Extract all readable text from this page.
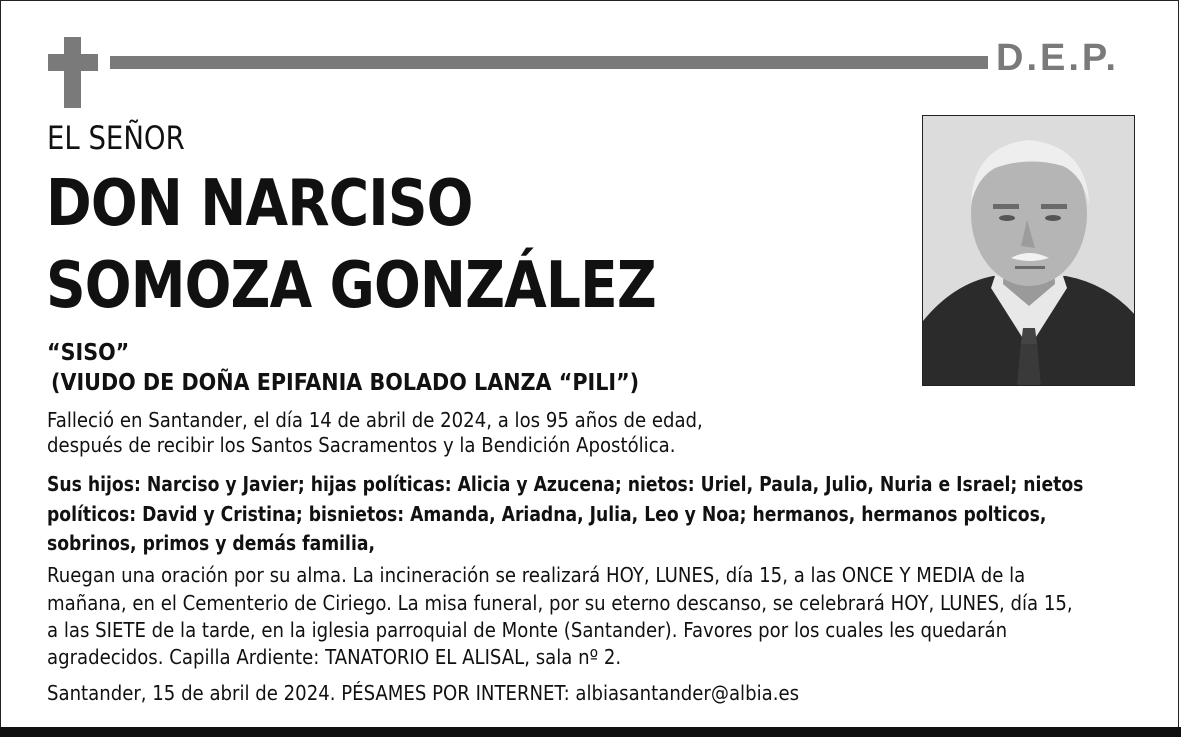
D.E.P.
EL SEÑOR
DON NARCISO
SOMOZA GONZÁLEZ
“SISO”
(VIUDO DE DOÑA EPIFANIA BOLADO LANZA “PILI”)
Falleció en Santander, el día 14 de abril de 2024, a los 95 años de edad,
después de recibir los Santos Sacramentos y la Bendición Apostólica.
Sus hijos: Narciso y Javier; hijas políticas: Alicia y Azucena; nietos: Uriel, Paula, Julio, Nuria e Israel; nietos
políticos: David y Cristina; bisnietos: Amanda, Ariadna, Julia, Leo y Noa; hermanos, hermanos polticos,
sobrinos, primos y demás familia,
Ruegan una oración por su alma. La incineración se realizará HOY, LUNES, día 15, a las ONCE Y MEDIA de la
mañana, en el Cementerio de Ciriego. La misa funeral, por su eterno descanso, se celebrará HOY, LUNES, día 15,
a las SIETE de la tarde, en la iglesia parroquial de Monte (Santander). Favores por los cuales les quedarán
agradecidos. Capilla Ardiente: TANATORIO EL ALISAL, sala nº 2.
Santander, 15 de abril de 2024. PÉSAMES POR INTERNET: albiasantander@albia.es
